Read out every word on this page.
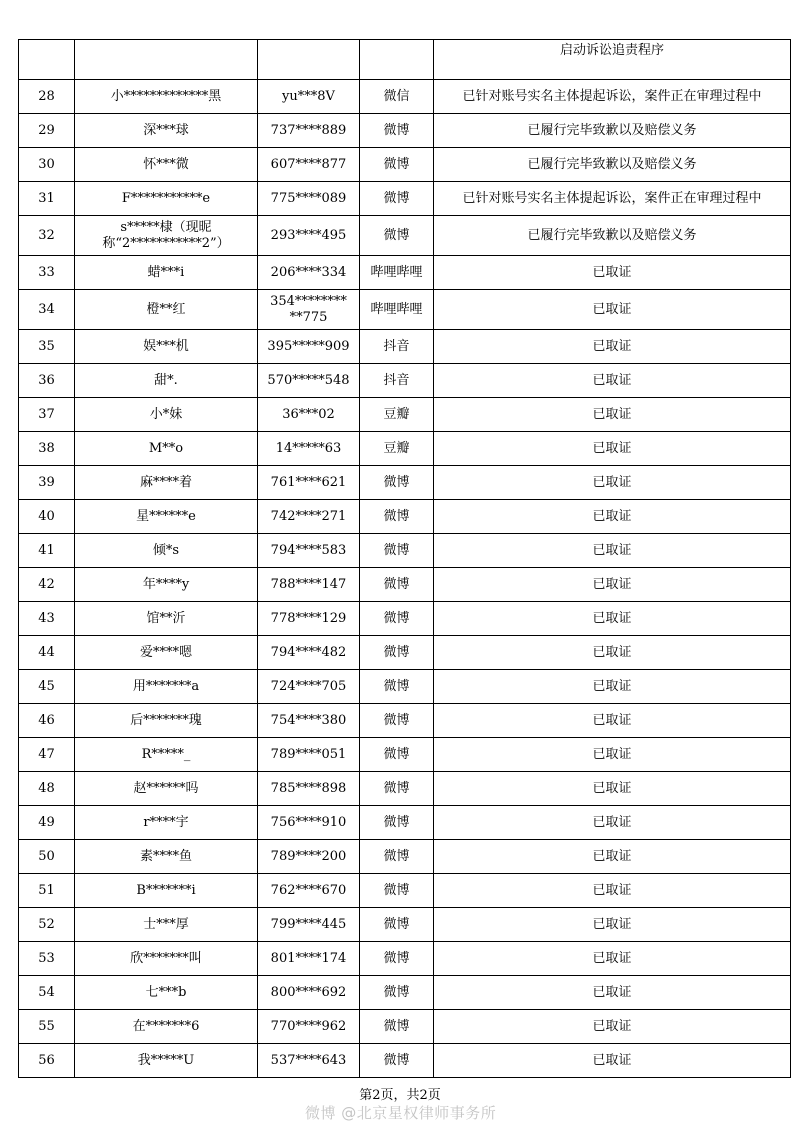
				启动诉讼追责程序
28	小*************黑	yu***8V	微信	已针对账号实名主体提起诉讼，案件正在审理过程中
29	深***球	737****889	微博	已履行完毕致歉以及赔偿义务
30	怀***微	607****877	微博	已履行完毕致歉以及赔偿义务
31	F***********e	775****089	微博	已针对账号实名主体提起诉讼，案件正在审理过程中
32	s*****棣（现昵称“2***********2”）	293****495	微博	已履行完毕致歉以及赔偿义务
33	蜡***i	206****334	哔哩哔哩	已取证
34	橙**红	354**********775	哔哩哔哩	已取证
35	娱***机	395*****909	抖音	已取证
36	甜*.	570*****548	抖音	已取证
37	小*妹	36***02	豆瓣	已取证
38	M**o	14*****63	豆瓣	已取证
39	麻****着	761****621	微博	已取证
40	星******e	742****271	微博	已取证
41	倾*s	794****583	微博	已取证
42	年****y	788****147	微博	已取证
43	馆**沂	778****129	微博	已取证
44	爱****嗯	794****482	微博	已取证
45	用*******a	724****705	微博	已取证
46	后*******瑰	754****380	微博	已取证
47	R*****_	789****051	微博	已取证
48	赵******吗	785****898	微博	已取证
49	r****宇	756****910	微博	已取证
50	素****鱼	789****200	微博	已取证
51	B*******i	762****670	微博	已取证
52	士***厚	799****445	微博	已取证
53	欣*******叫	801****174	微博	已取证
54	七***b	800****692	微博	已取证
55	在*******6	770****962	微博	已取证
56	我*****U	537****643	微博	已取证
第2页，共2页
微博 @北京星权律师事务所
